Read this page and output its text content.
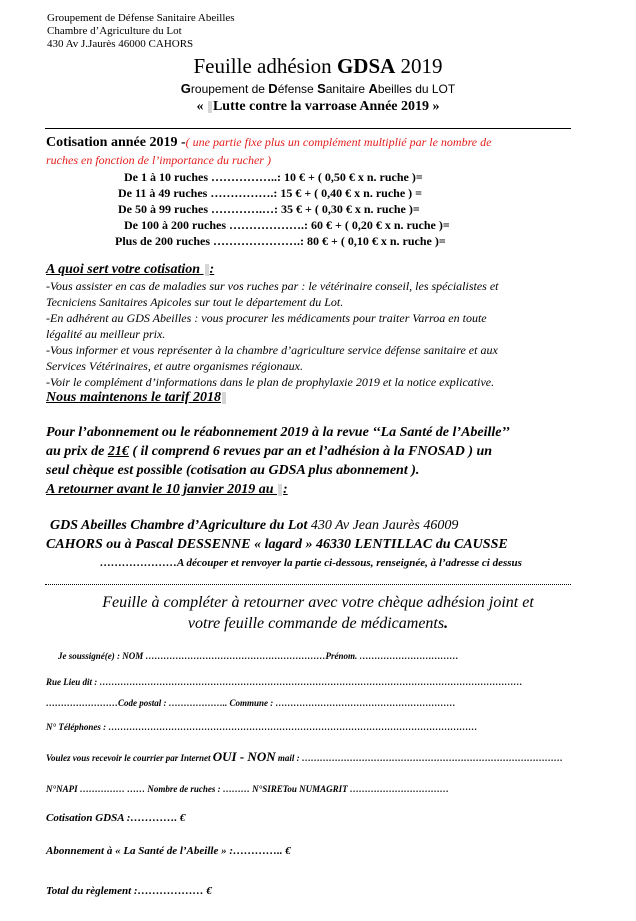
Groupement de Défense Sanitaire Abeilles
Chambre d’Agriculture du Lot
430 Av J.Jaurès 46000 CAHORS
Feuille adhésion GDSA 2019
Groupement de Défense Sanitaire Abeilles du LOT
« Lutte contre la varroase Année 2019 »
Cotisation année 2019 -( une partie fixe plus un complément multiplié par le nombre de
ruches en fonction de l’importance du rucher )
De 1 à 10 ruches ……………..: 10 € + ( 0,50 € x n. ruche )=
De 11 à 49 ruches …………….: 15 € + ( 0,40 € x n. ruche ) =
De 50 à 99 ruches ………….…: 35 € + ( 0,30 € x n. ruche )=
De 100 à 200 ruches ……………….: 60 € + ( 0,20 € x n. ruche )=
Plus de 200 ruches ………………….: 80 € + ( 0,10 € x n. ruche )=
A quoi sert votre cotisation :
-Vous assister en cas de maladies sur vos ruches par : le vétérinaire conseil, les spécialistes et
Tecniciens Sanitaires Apicoles sur tout le département du Lot.
-En adhérent au GDS Abeilles : vous procurer les médicaments pour traiter Varroa en toute
légalité au meilleur prix.
-Vous informer et vous représenter à la chambre d’agriculture service défense sanitaire et aux
Services Vétérinaires, et autre organismes régionaux.
-Voir le complément d’informations dans le plan de prophylaxie 2019 et la notice explicative.
Nous maintenons le tarif 2018
Pour l’abonnement ou le réabonnement 2019 à la revue ‘‘La Santé de l’Abeille’’
au prix de 21€ ( il comprend 6 revues par an et l’adhésion à la FNOSAD ) un
seul chèque est possible (cotisation au GDSA plus abonnement ).
A retourner avant le 10 janvier 2019 au :
GDS Abeilles Chambre d’Agriculture du Lot 430 Av Jean Jaurès 46009
CAHORS ou à Pascal DESSENNE « lagard » 46330 LENTILLAC du CAUSSE
…………………A découper et renvoyer la partie ci-dessous, renseignée, à l’adresse ci dessus
Feuille à compléter à retourner avec votre chèque adhésion joint et
votre feuille commande de médicaments.
Je soussigné(e) : NOM ……………………………………………………Prénom. ……………………………
Rue Lieu dit : ……………………………………………………………………………………………………………………………
……………………Code postal : ……………….. Commune : ……………………………………………………
N° Téléphones : ……………………………………………………………………………………………………………
Voulez vous recevoir le courrier par Internet OUI - NON mail : ……………………………………………………………………………
N°NAPI …………… …… Nombre de ruches : ……… N°SIRETou NUMAGRIT ……………………………
Cotisation GDSA :…………. €
Abonnement à « La Santé de l’Abeille » :………….. €
Total du règlement :……………… €
